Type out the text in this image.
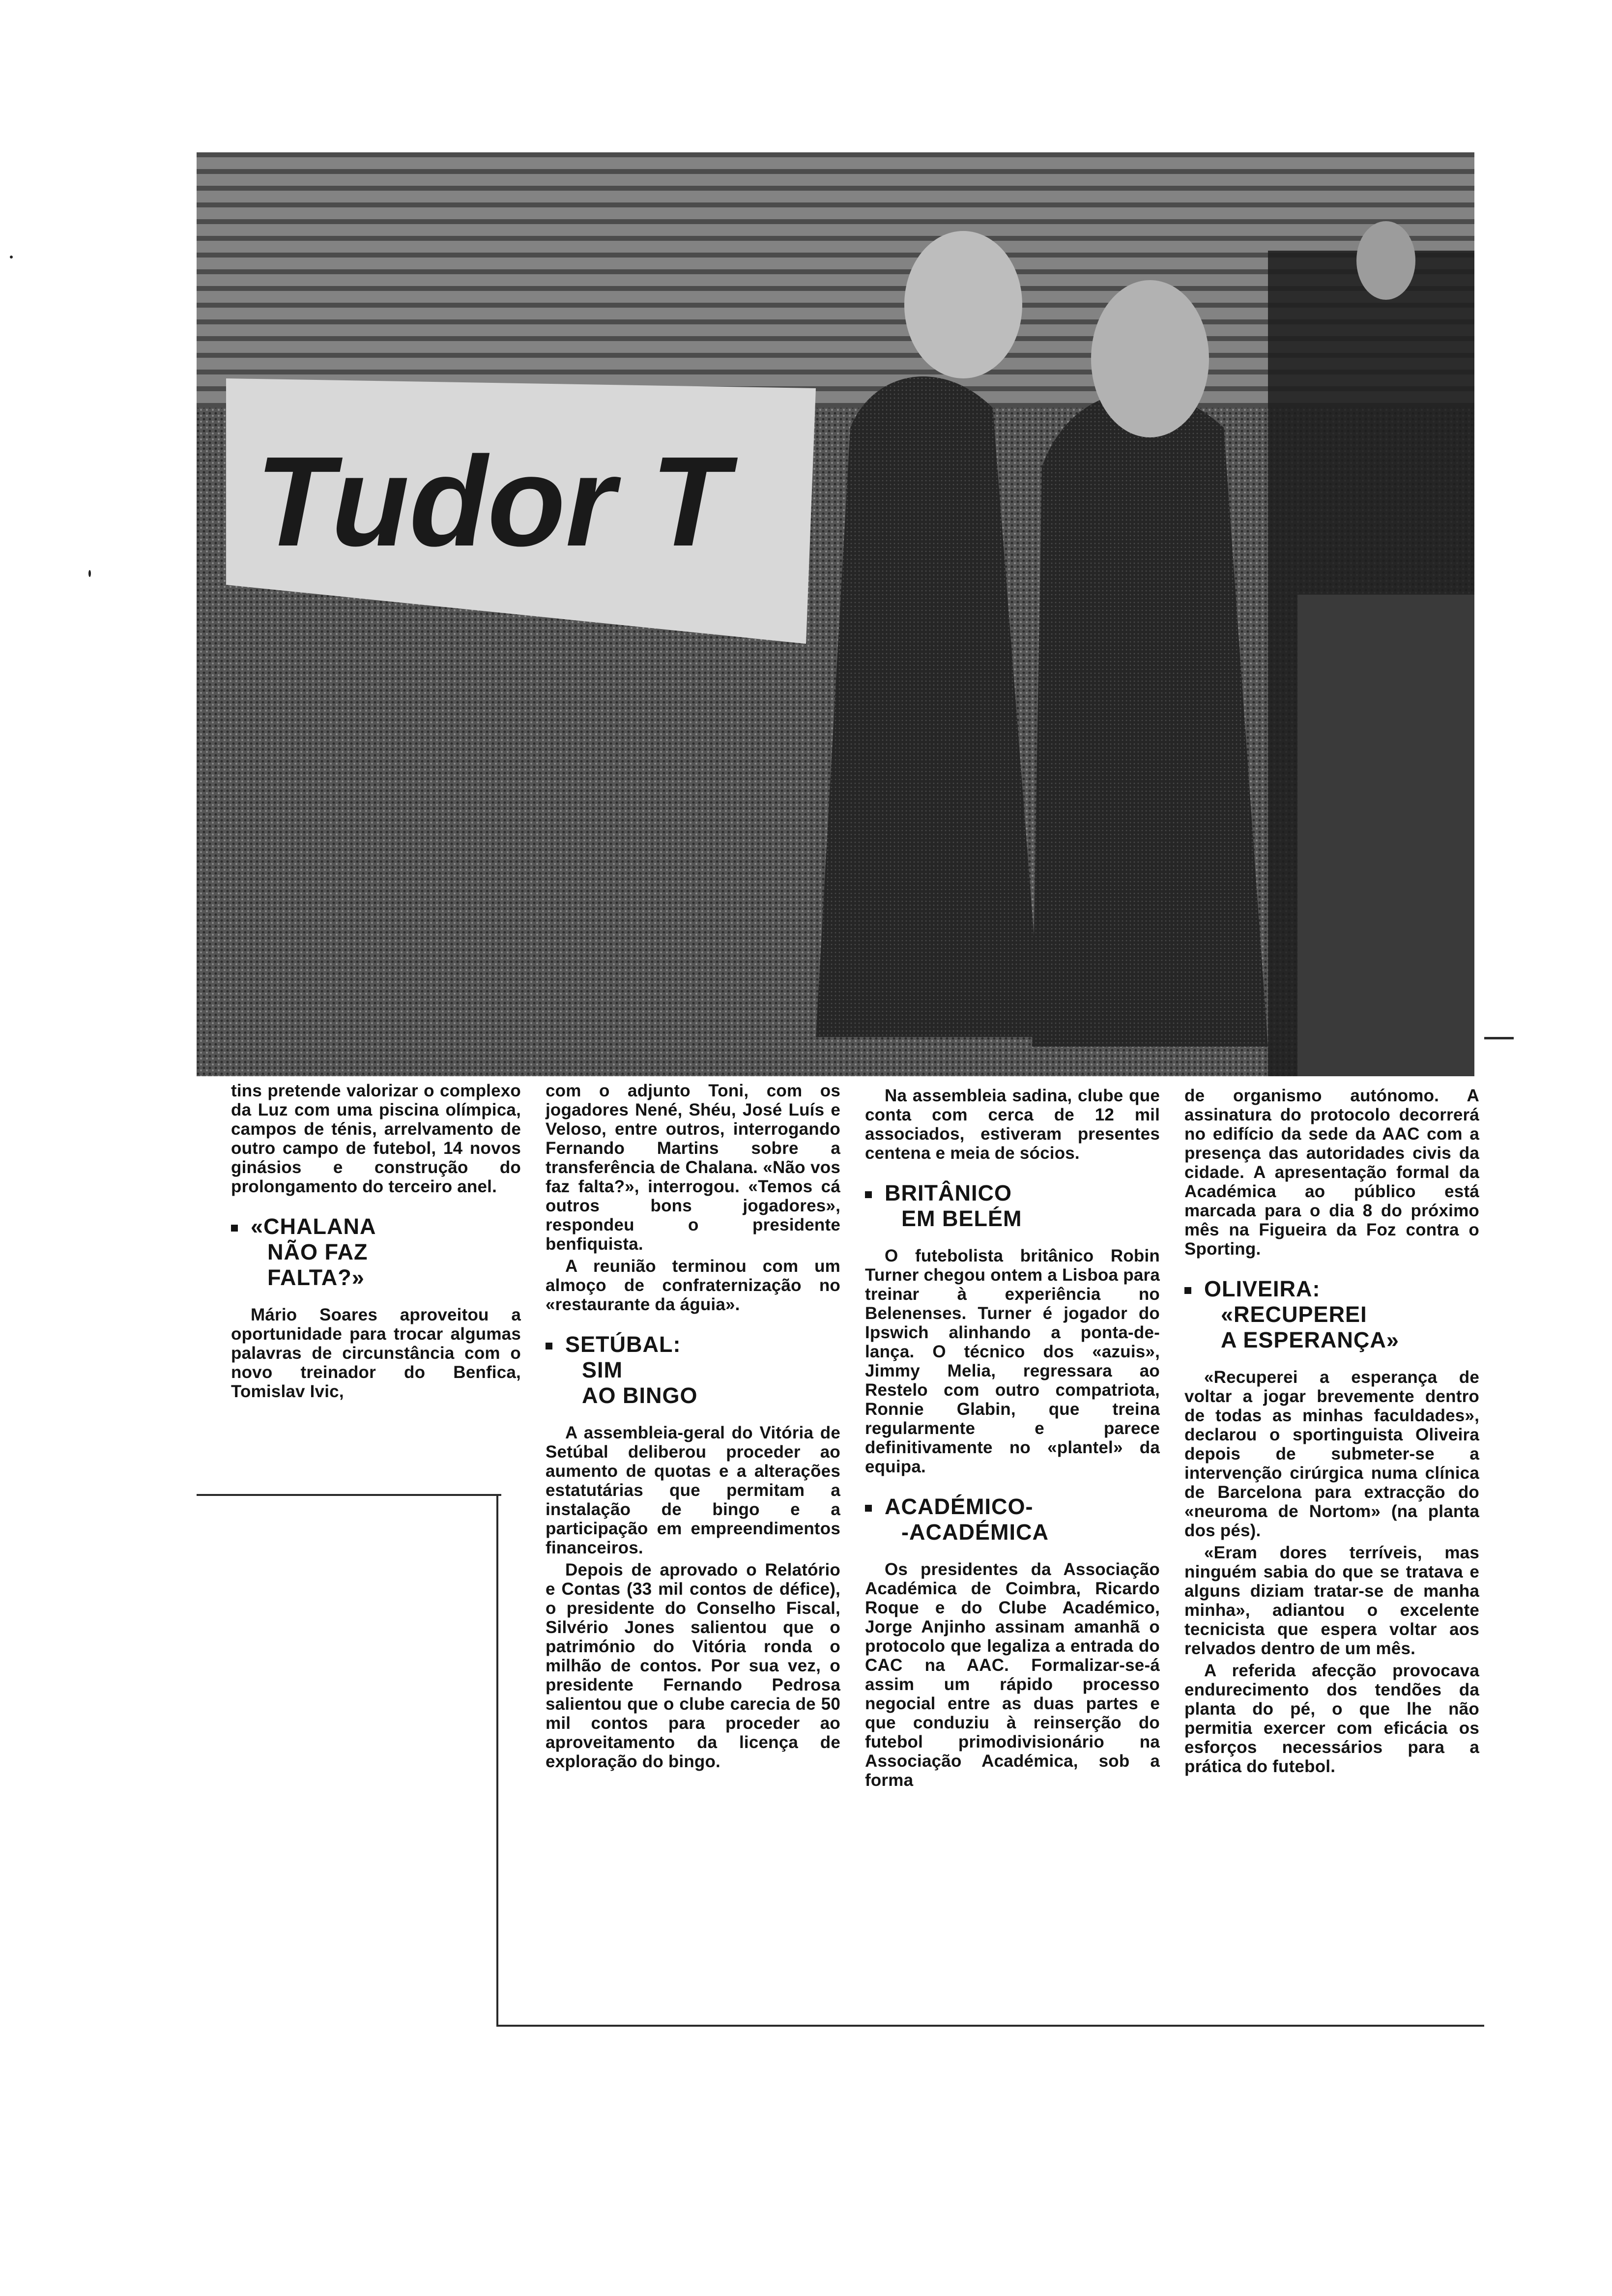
Tudor T

tins pretende valorizar o complexo da Luz com uma piscina olímpica, campos de ténis, arrelvamento de outro campo de futebol, 14 novos ginásios e construção do prolongamento do terceiro anel.

«CHALANA
NÃO FAZ
FALTA?»

Mário Soares aproveitou a oportunidade para trocar algumas palavras de circunstância com o novo treinador do Benfica, Tomislav Ivic,

com o adjunto Toni, com os jogadores Nené, Shéu, José Luís e Veloso, entre outros, interrogando Fernando Martins sobre a transferência de Chalana. «Não vos faz falta?», interrogou. «Temos cá outros bons jogadores», respondeu o presidente benfiquista.

A reunião terminou com um almoço de confraternização no «restaurante da águia».

SETÚBAL:
SIM
AO BINGO

A assembleia-geral do Vitória de Setúbal deliberou proceder ao aumento de quotas e a alterações estatutárias que permitam a instalação de bingo e a participação em empreendimentos financeiros.

Depois de aprovado o Relatório e Contas (33 mil contos de défice), o presidente do Conselho Fiscal, Silvério Jones salientou que o património do Vitória ronda o milhão de contos. Por sua vez, o presidente Fernando Pedrosa salientou que o clube carecia de 50 mil contos para proceder ao aproveitamento da licença de exploração do bingo.

Na assembleia sadina, clube que conta com cerca de 12 mil associados, estiveram presentes centena e meia de sócios.

BRITÂNICO
EM BELÉM

O futebolista britânico Robin Turner chegou ontem a Lisboa para treinar à experiência no Belenenses. Turner é jogador do Ipswich alinhando a ponta-de-lança. O técnico dos «azuis», Jimmy Melia, regressara ao Restelo com outro compatriota, Ronnie Glabin, que treina regularmente e parece definitivamente no «plantel» da equipa.

ACADÉMICO-
-ACADÉMICA

Os presidentes da Associação Académica de Coimbra, Ricardo Roque e do Clube Académico, Jorge Anjinho assinam amanhã o protocolo que legaliza a entrada do CAC na AAC. Formalizar-se-á assim um rápido processo negocial entre as duas partes e que conduziu à reinserção do futebol primodivisionário na Associação Académica, sob a forma

de organismo autónomo. A assinatura do protocolo decorrerá no edifício da sede da AAC com a presença das autoridades civis da cidade. A apresentação formal da Académica ao público está marcada para o dia 8 do próximo mês na Figueira da Foz contra o Sporting.

OLIVEIRA:
«RECUPEREI
A ESPERANÇA»

«Recuperei a esperança de voltar a jogar brevemente dentro de todas as minhas faculdades», declarou o sportinguista Oliveira depois de submeter-se a intervenção cirúrgica numa clínica de Barcelona para extracção do «neuroma de Nortom» (na planta dos pés).

«Eram dores terríveis, mas ninguém sabia do que se tratava e alguns diziam tratar-se de manha minha», adiantou o excelente tecnicista que espera voltar aos relvados dentro de um mês.

A referida afecção provocava endurecimento dos tendões da planta do pé, o que lhe não permitia exercer com eficácia os esforços necessários para a prática do futebol.
